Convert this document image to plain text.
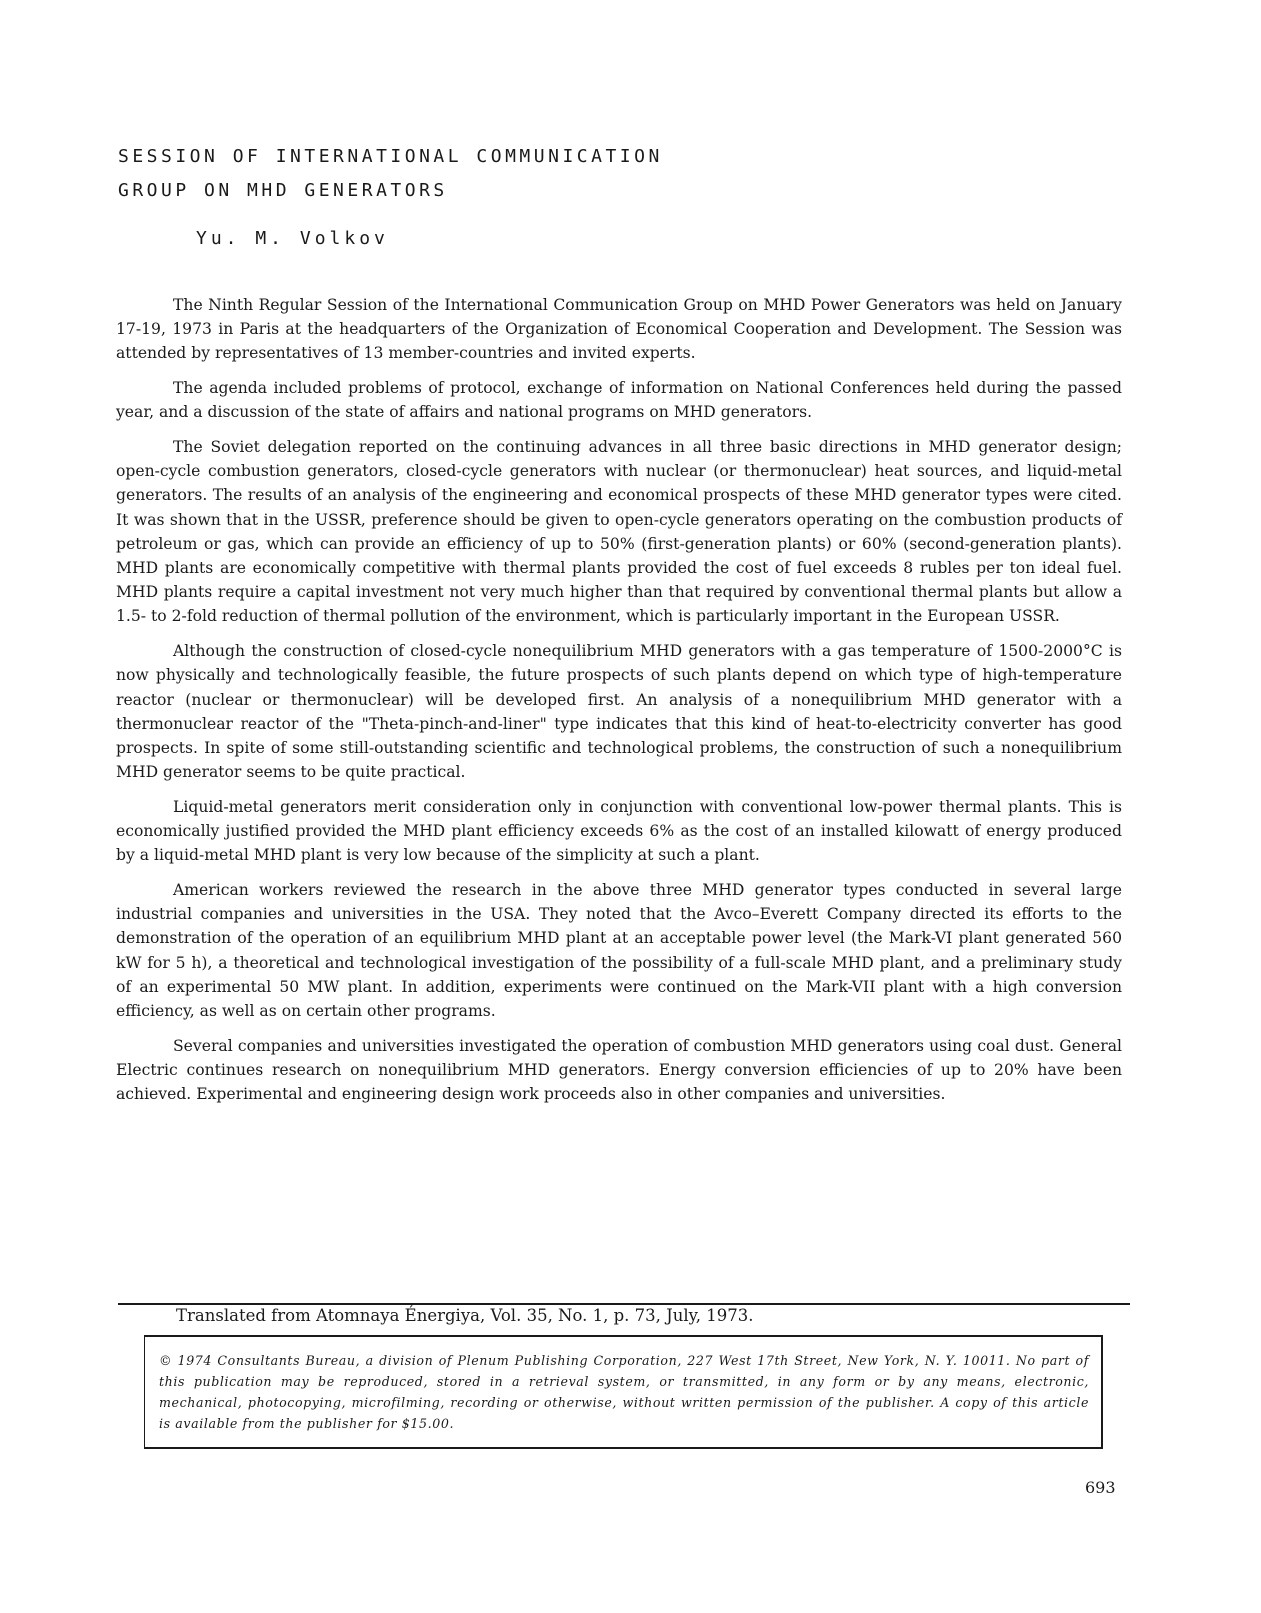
SESSION OF INTERNATIONAL COMMUNICATION
GROUP ON MHD GENERATORS
Yu. M. Volkov

The Ninth Regular Session of the International Communication Group on MHD Power Generators was held on January 17-19, 1973 in Paris at the headquarters of the Organization of Economical Cooperation and Development. The Session was attended by representatives of 13 member-countries and invited experts.

The agenda included problems of protocol, exchange of information on National Conferences held during the passed year, and a discussion of the state of affairs and national programs on MHD generators.

The Soviet delegation reported on the continuing advances in all three basic directions in MHD generator design; open-cycle combustion generators, closed-cycle generators with nuclear (or thermonuclear) heat sources, and liquid-metal generators. The results of an analysis of the engineering and economical prospects of these MHD generator types were cited. It was shown that in the USSR, preference should be given to open-cycle generators operating on the combustion products of petroleum or gas, which can provide an efficiency of up to 50% (first-generation plants) or 60% (second-generation plants). MHD plants are economically competitive with thermal plants provided the cost of fuel exceeds 8 rubles per ton ideal fuel. MHD plants require a capital investment not very much higher than that required by conventional thermal plants but allow a 1.5- to 2-fold reduction of thermal pollution of the environment, which is particularly important in the European USSR.

Although the construction of closed-cycle nonequilibrium MHD generators with a gas temperature of 1500-2000°C is now physically and technologically feasible, the future prospects of such plants depend on which type of high-temperature reactor (nuclear or thermonuclear) will be developed first. An analysis of a nonequilibrium MHD generator with a thermonuclear reactor of the "Theta-pinch-and-liner" type indicates that this kind of heat-to-electricity converter has good prospects. In spite of some still-outstanding scientific and technological problems, the construction of such a nonequilibrium MHD generator seems to be quite practical.

Liquid-metal generators merit consideration only in conjunction with conventional low-power thermal plants. This is economically justified provided the MHD plant efficiency exceeds 6% as the cost of an installed kilowatt of energy produced by a liquid-metal MHD plant is very low because of the simplicity at such a plant.

American workers reviewed the research in the above three MHD generator types conducted in several large industrial companies and universities in the USA. They noted that the Avco–Everett Company directed its efforts to the demonstration of the operation of an equilibrium MHD plant at an acceptable power level (the Mark-VI plant generated 560 kW for 5 h), a theoretical and technological investigation of the possibility of a full-scale MHD plant, and a preliminary study of an experimental 50 MW plant. In addition, experiments were continued on the Mark-VII plant with a high conversion efficiency, as well as on certain other programs.

Several companies and universities investigated the operation of combustion MHD generators using coal dust. General Electric continues research on nonequilibrium MHD generators. Energy conversion efficiencies of up to 20% have been achieved. Experimental and engineering design work proceeds also in other companies and universities.

Translated from Atomnaya Énergiya, Vol. 35, No. 1, p. 73, July, 1973.

© 1974 Consultants Bureau, a division of Plenum Publishing Corporation, 227 West 17th Street, New York, N. Y. 10011. No part of this publication may be reproduced, stored in a retrieval system, or transmitted, in any form or by any means, electronic, mechanical, photocopying, microfilming, recording or otherwise, without written permission of the publisher. A copy of this article is available from the publisher for $15.00.

693
